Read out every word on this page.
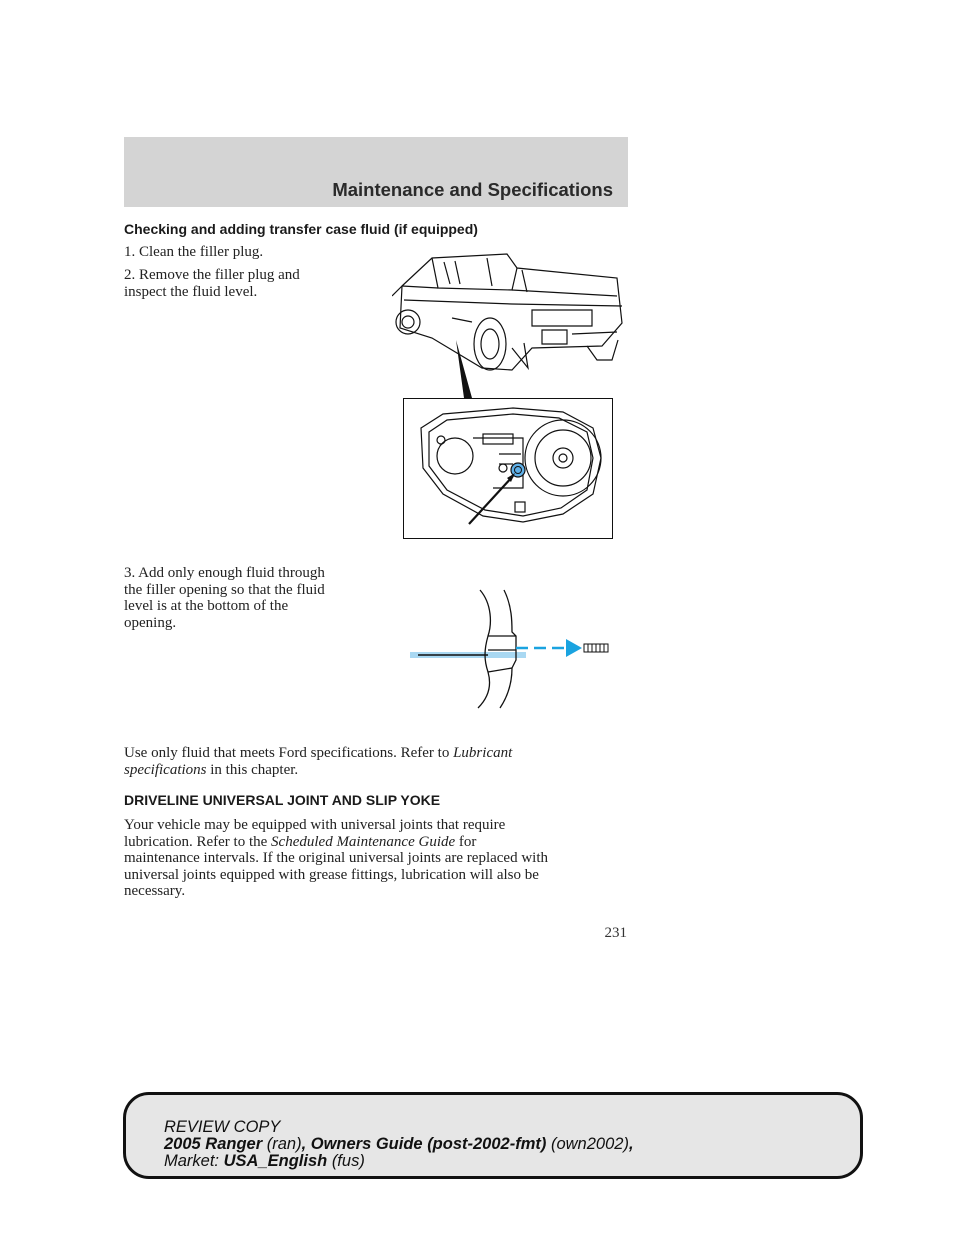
Maintenance and Specifications
Checking and adding transfer case fluid (if equipped)
1. Clean the filler plug.
2. Remove the filler plug and
inspect the fluid level.
3. Add only enough fluid through
the filler opening so that the fluid
level is at the bottom of the
opening.
Use only fluid that meets Ford specifications. Refer to Lubricant
specifications in this chapter.
DRIVELINE UNIVERSAL JOINT AND SLIP YOKE
Your vehicle may be equipped with universal joints that require
lubrication. Refer to the Scheduled Maintenance Guide for
maintenance intervals. If the original universal joints are replaced with
universal joints equipped with grease fittings, lubrication will also be
necessary.
231
REVIEW COPY
2005 Ranger (ran), Owners Guide (post-2002-fmt) (own2002),
Market: USA_English (fus)
